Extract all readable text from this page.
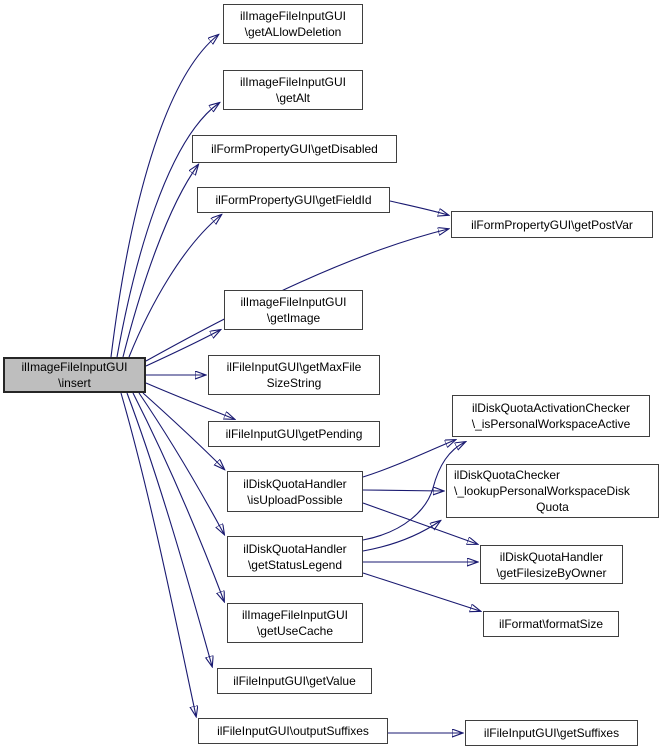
ilImageFileInputGUI
\insert
ilImageFileInputGUI
\getALlowDeletion
ilImageFileInputGUI
\getAlt
ilFormPropertyGUI\getDisabled
ilFormPropertyGUI\getFieldId
ilFormPropertyGUI\getPostVar
ilImageFileInputGUI
\getImage
ilFileInputGUI\getMaxFile
SizeString
ilFileInputGUI\getPending
ilDiskQuotaHandler
\isUploadPossible
ilDiskQuotaHandler
\getStatusLegend
ilImageFileInputGUI
\getUseCache
ilFileInputGUI\getValue
ilFileInputGUI\outputSuffixes
ilDiskQuotaActivationChecker
\_isPersonalWorkspaceActive
ilDiskQuotaChecker
\_lookupPersonalWorkspaceDisk
Quota
ilDiskQuotaHandler
\getFilesizeByOwner
ilFormat\formatSize
ilFileInputGUI\getSuffixes
